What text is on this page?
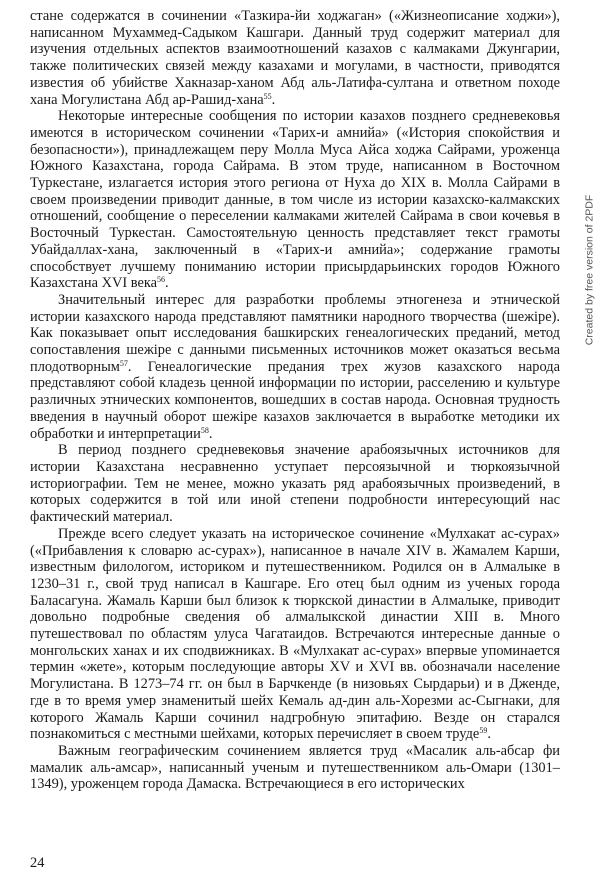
стане содержатся в сочинении «Тазкира-йи ходжаган» («Жизнеописание ходжи»), написанном Мухаммед-Садыком Кашгари. Данный труд содержит материал для изучения отдельных аспектов взаимоотношений казахов с калмаками Джунгарии, также политических связей между казахами и могулами, в частности, приводятся известия об убийстве Хакназар-ханом Абд аль-Латифа-султана и ответном походе хана Могулистана Абд ар-Рашид-хана$^{55}$.

Некоторые интересные сообщения по истории казахов позднего средневековья имеются в историческом сочинении «Тарих-и амнийа» («История спокойствия и безопасности»), принадлежащем перу Молла Муса Айса ходжа Сайрами, уроженца Южного Казахстана, города Сайрама. В этом труде, написанном в Восточном Туркестане, излагается история этого региона от Нуха до XIX в. Молла Сайрами в своем произведении приводит данные, в том числе из истории казахско-калмакских отношений, сообщение о переселении калмаками жителей Сайрама в свои кочевья в Восточный Туркестан. Самостоятельную ценность представляет текст грамоты Убайдаллах-хана, заключенный в «Тарих-и амнийа»; содержание грамоты способствует лучшему пониманию истории присырдарьинских городов Южного Казахстана XVI века$^{56}$.

Значительный интерес для разработки проблемы этногенеза и этнической истории казахского народа представляют памятники народного творчества (шежіре). Как показывает опыт исследования башкирских генеалогических преданий, метод сопоставления шежіре с данными письменных источников может оказаться весьма плодотворным$^{57}$. Генеалогические предания трех жузов казахского народа представляют собой кладезь ценной информации по истории, расселению и культуре различных этнических компонентов, вошедших в состав народа. Основная трудность введения в научный оборот шежіре казахов заключается в выработке методики их обработки и интерпретации$^{58}$.

В период позднего средневековья значение арабоязычных источников для истории Казахстана несравненно уступает персоязычной и тюркоязычной историографии. Тем не менее, можно указать ряд арабоязычных произведений, в которых содержится в той или иной степени подробности интересующий нас фактический материал.

Прежде всего следует указать на историческое сочинение «Мулхакат ас-сурах» («Прибавления к словарю ас-сурах»), написанное в начале XIV в. Жамалем Карши, известным филологом, историком и путешественником. Родился он в Алмалыке в 1230–31 г., свой труд написал в Кашгаре. Его отец был одним из ученых города Баласагуна. Жамаль Карши был близок к тюркской династии в Алмалыке, приводит довольно подробные сведения об алмалыкской династии XIII в. Много путешествовал по областям улуса Чагатаидов. Встречаются интересные данные о монгольских ханах и их сподвижниках. В «Мулхакат ас-сурах» впервые упоминается термин «жете», которым последующие авторы XV и XVI вв. обозначали население Могулистана. В 1273–74 гг. он был в Барчкенде (в низовьях Сырдарьи) и в Дженде, где в то время умер знаменитый шейх Кемаль ад-дин аль-Хорезми ас-Сыгнаки, для которого Жамаль Карши сочинил надгробную эпитафию. Везде он старался познакомиться с местными шейхами, которых перечисляет в своем труде$^{59}$.

Важным географическим сочинением является труд «Масалик аль-абсар фи мамалик аль-амсар», написанный ученым и путешественником аль-Омари (1301–1349), уроженцем города Дамаска. Встречающиеся в его исторических

Created by free version of 2PDF
24
